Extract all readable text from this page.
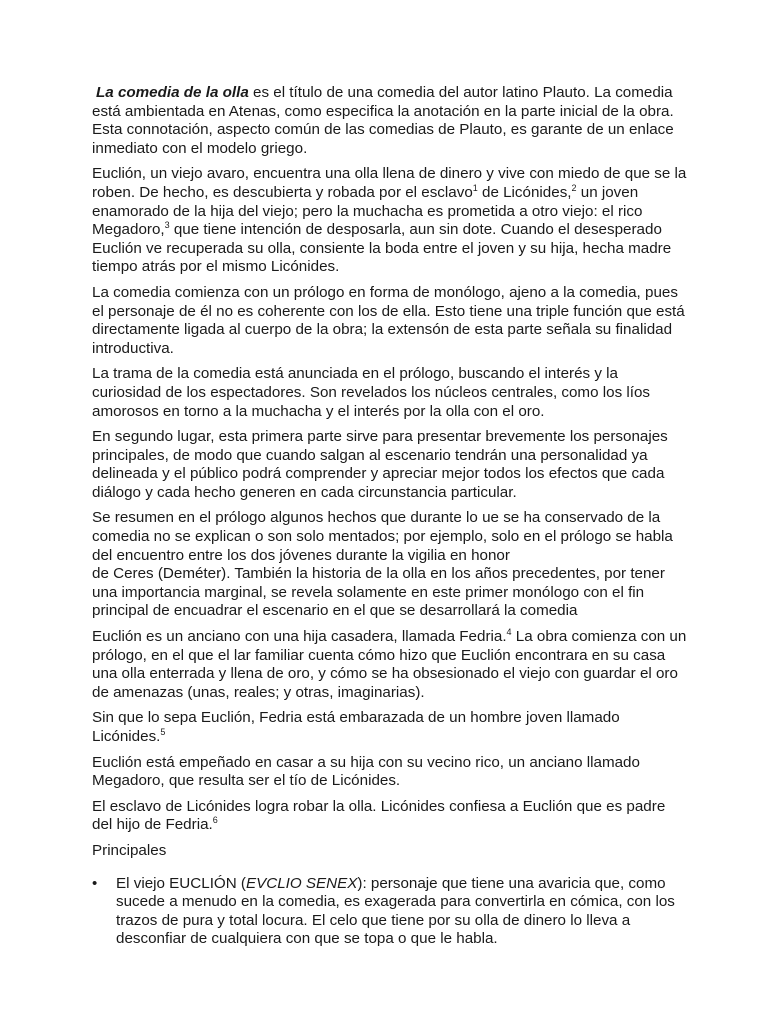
La comedia de la olla es el título de una comedia del autor latino Plauto. La comedia está ambientada en Atenas, como especifica la anotación en la parte inicial de la obra. Esta connotación, aspecto común de las comedias de Plauto, es garante de un enlace inmediato con el modelo griego.

Euclión, un viejo avaro, encuentra una olla llena de dinero y vive con miedo de que se la roben. De hecho, es descubierta y robada por el esclavo$^1$ de Licónides,$^2$ un joven enamorado de la hija del viejo; pero la muchacha es prometida a otro viejo: el rico Megadoro,$^3$ que tiene intención de desposarla, aun sin dote. Cuando el desesperado Euclión ve recuperada su olla, consiente la boda entre el joven y su hija, hecha madre tiempo atrás por el mismo Licónides.

La comedia comienza con un prólogo en forma de monólogo, ajeno a la comedia, pues el personaje de él no es coherente con los de ella. Esto tiene una triple función que está directamente ligada al cuerpo de la obra; la extensón de esta parte señala su finalidad introductiva.

La trama de la comedia está anunciada en el prólogo, buscando el interés y la curiosidad de los espectadores. Son revelados los núcleos centrales, como los líos amorosos en torno a la muchacha y el interés por la olla con el oro.

En segundo lugar, esta primera parte sirve para presentar brevemente los personajes principales, de modo que cuando salgan al escenario tendrán una personalidad ya delineada y el público podrá comprender y apreciar mejor todos los efectos que cada diálogo y cada hecho generen en cada circunstancia particular.

Se resumen en el prólogo algunos hechos que durante lo ue se ha conservado de la comedia no se explican o son solo mentados; por ejemplo, solo en el prólogo se habla del encuentro entre los dos jóvenes durante la vigilia en honor
de Ceres (Deméter). También la historia de la olla en los años precedentes, por tener una importancia marginal, se revela solamente en este primer monólogo con el fin principal de encuadrar el escenario en el que se desarrollará la comedia

Euclión es un anciano con una hija casadera, llamada Fedria.$^4$ La obra comienza con un prólogo, en el que el lar familiar cuenta cómo hizo que Euclión encontrara en su casa una olla enterrada y llena de oro, y cómo se ha obsesionado el viejo con guardar el oro de amenazas (unas, reales; y otras, imaginarias).

Sin que lo sepa Euclión, Fedria está embarazada de un hombre joven llamado Licónides.$^5$

Euclión está empeñado en casar a su hija con su vecino rico, un anciano llamado Megadoro, que resulta ser el tío de Licónides.

El esclavo de Licónides logra robar la olla. Licónides confiesa a Euclión que es padre del hijo de Fedria.$^6$

Principales

• El viejo EUCLIÓN (EVCLIO SENEX): personaje que tiene una avaricia que, como sucede a menudo en la comedia, es exagerada para convertirla en cómica, con los trazos de pura y total locura. El celo que tiene por su olla de dinero lo lleva a desconfiar de cualquiera con que se topa o que le habla.
